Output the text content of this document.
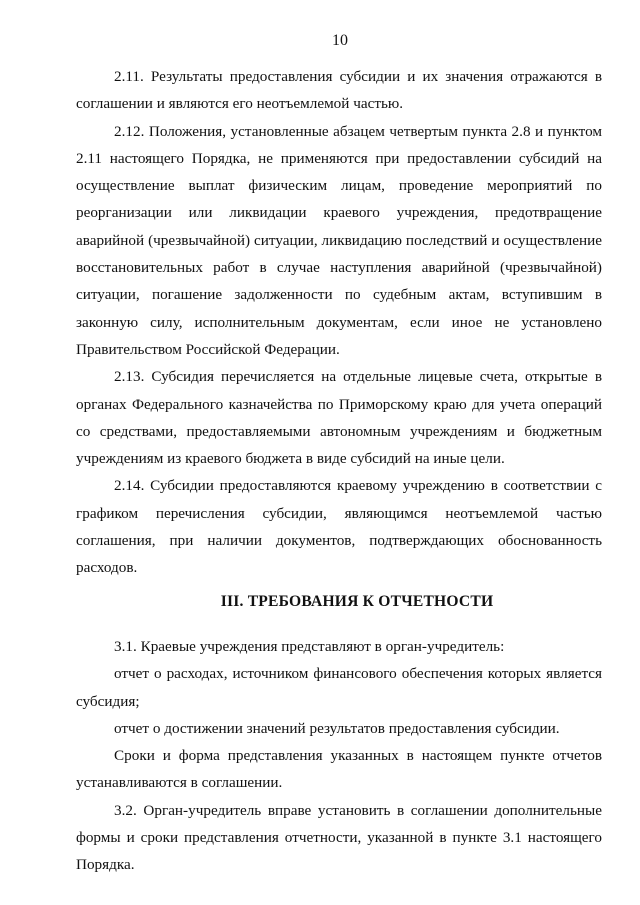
10

2.11. Результаты предоставления субсидии и их значения отражаются в соглашении и являются его неотъемлемой частью.

2.12. Положения, установленные абзацем четвертым пункта 2.8 и пунктом 2.11 настоящего Порядка, не применяются при предоставлении субсидий на осуществление выплат физическим лицам, проведение мероприятий по реорганизации или ликвидации краевого учреждения, предотвращение аварийной (чрезвычайной) ситуации, ликвидацию последствий и осуществление восстановительных работ в случае наступления аварийной (чрезвычайной) ситуации, погашение задолженности по судебным актам, вступившим в законную силу, исполнительным документам, если иное не установлено Правительством Российской Федерации.

2.13. Субсидия перечисляется на отдельные лицевые счета, открытые в органах Федерального казначейства по Приморскому краю для учета операций со средствами, предоставляемыми автономным учреждениям и бюджетным учреждениям из краевого бюджета в виде субсидий на иные цели.

2.14. Субсидии предоставляются краевому учреждению в соответствии с графиком перечисления субсидии, являющимся неотъемлемой частью соглашения, при наличии документов, подтверждающих обоснованность расходов.

III. ТРЕБОВАНИЯ К ОТЧЕТНОСТИ

3.1. Краевые учреждения представляют в орган-учредитель:

отчет о расходах, источником финансового обеспечения которых является субсидия;

отчет о достижении значений результатов предоставления субсидии.

Сроки и форма представления указанных в настоящем пункте отчетов устанавливаются в соглашении.

3.2. Орган-учредитель вправе установить в соглашении дополнительные формы и сроки представления отчетности, указанной в пункте 3.1 настоящего Порядка.
